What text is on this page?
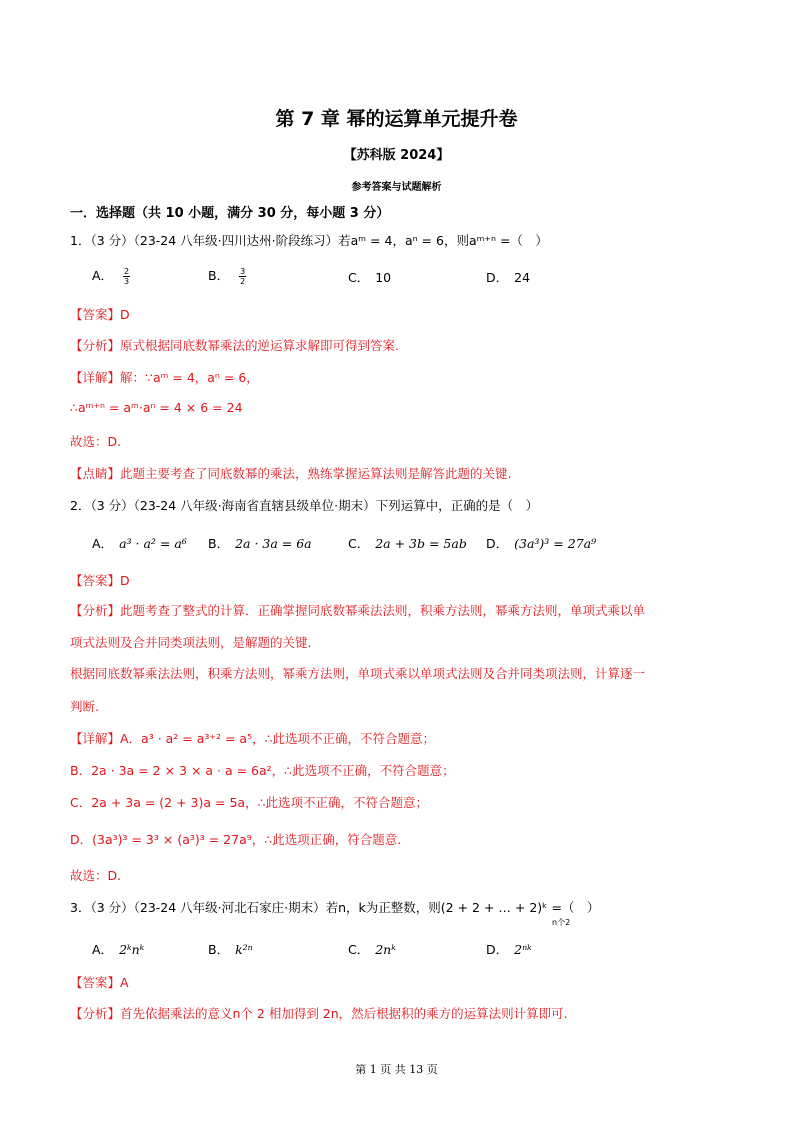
第 7 章 幂的运算单元提升卷
【苏科版 2024】
参考答案与试题解析
一．选择题（共 10 小题，满分 30 分，每小题 3 分）
1．（3 分）（23-24 八年级·四川达州·阶段练习）若aᵐ = 4，aⁿ = 6，则aᵐ⁺ⁿ =（　）
A． $\frac{2}{3}$	B． $\frac{3}{2}$	C． 10	D． 24
【答案】D
【分析】原式根据同底数幂乘法的逆运算求解即可得到答案.
【详解】解：∵aᵐ = 4，aⁿ = 6，
∴aᵐ⁺ⁿ = aᵐ·aⁿ = 4 × 6 = 24
故选：D.
【点睛】此题主要考查了同底数幂的乘法，熟练掌握运算法则是解答此题的关键.
2．（3 分）（23-24 八年级·海南省直辖县级单位·期末）下列运算中，正确的是（　）
A． a³ · a² = a⁶ B． 2a · 3a = 6a	C． 2a + 3b = 5ab D． (3a³)³ = 27a⁹
【答案】D
【分析】此题考查了整式的计算．正确掌握同底数幂乘法法则，积乘方法则，幂乘方法则，单项式乘以单
项式法则及合并同类项法则，是解题的关键.
根据同底数幂乘法法则，积乘方法则，幂乘方法则，单项式乘以单项式法则及合并同类项法则，计算逐一
判断.
【详解】A．a³ · a² = a³⁺² = a⁵，∴此选项不正确，不符合题意；
B．2a · 3a = 2 × 3 × a · a = 6a²，∴此选项不正确，不符合题意；
C．2a + 3a = (2 + 3)a = 5a，∴此选项不正确，不符合题意；
D．(3a³)³ = 3³ × (a³)³ = 27a⁹，∴此选项正确，符合题意.
故选：D.
3．（3 分）（23-24 八年级·河北石家庄·期末）若n，k为正整数，则(2 + 2 + … + 2)ᵏ =（　）
n个2
A． 2ᵏnᵏ	B． k²ⁿ	C． 2nᵏ	D． 2ⁿᵏ
【答案】A
【分析】首先依据乘法的意义n个 2 相加得到 2n，然后根据积的乘方的运算法则计算即可.
第 1 页 共 13 页
